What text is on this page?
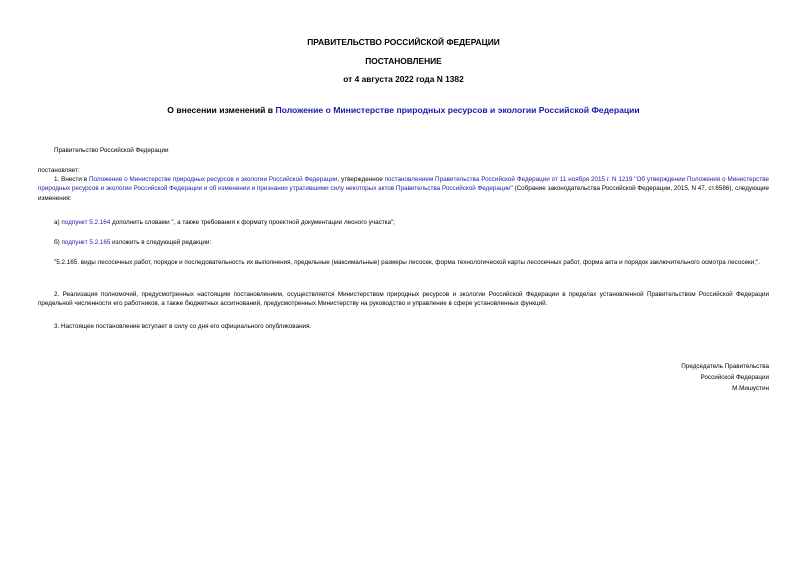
ПРАВИТЕЛЬСТВО РОССИЙСКОЙ ФЕДЕРАЦИИ
ПОСТАНОВЛЕНИЕ
от 4 августа 2022 года N 1382
О внесении изменений в Положение о Министерстве природных ресурсов и экологии Российской Федерации
Правительство Российской Федерации
постановляет:
1. Внести в Положение о Министерстве природных ресурсов и экологии Российской Федерации, утвержденное постановлением Правительства Российской Федерации от 11 ноября 2015 г. N 1219 "Об утверждении Положения о Министерстве природных ресурсов и экологии Российской Федерации и об изменении и признании утратившими силу некоторых актов Правительства Российской Федерации" (Собрание законодательства Российской Федерации, 2015, N 47, ст.6586), следующие изменения:
а) подпункт 5.2.164 дополнить словами ", а также требования к формату проектной документации лесного участка";
б) подпункт 5.2.165 изложить в следующей редакции:
"5.2.165. виды лесосечных работ, порядок и последовательность их выполнения, предельные (максимальные) размеры лесосек, форма технологической карты лесосечных работ, форма акта и порядок заключительного осмотра лесосеки;".
2. Реализация полномочий, предусмотренных настоящим постановлением, осуществляется Министерством природных ресурсов и экологии Российской Федерации в пределах установленной Правительством Российской Федерации предельной численности его работников, а также бюджетных ассигнований, предусмотренных Министерству на руководство и управление в сфере установленных функций.
3. Настоящее постановление вступает в силу со дня его официального опубликования.
Председатель Правительства
Российской Федерации
М.Мишустин
